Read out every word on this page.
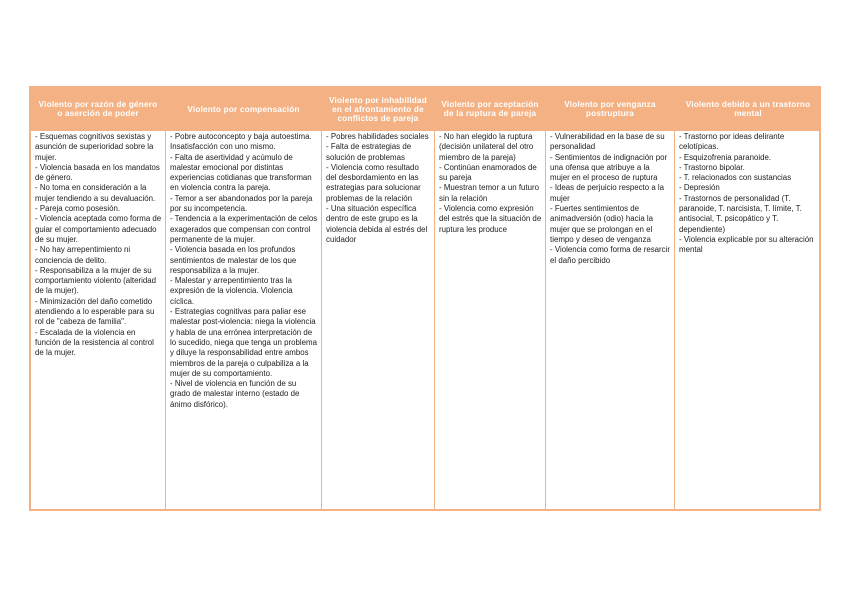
Violento por razón de género o aserción de poder	Violento por compensación
Violento por inhabilidad en el afrontamiento de conflictos de pareja
Violento por aceptación de la ruptura de pareja
Violento por venganza postruptura
Violento debido a un trastorno mental

- Esquemas cognitivos sexistas y asunción de superioridad sobre la mujer.

- Violencia basada en los mandatos de género.

- No toma en consideración a la mujer tendiendo a su devaluación.

- Pareja como posesión.

- Violencia aceptada como forma de guiar el comportamiento adecuado de su mujer.

- No hay arrepentimiento ni conciencia de delito.

- Responsabiliza a la mujer de su comportamiento violento (alteridad de la mujer).

- Minimización del daño cometido atendiendo a lo esperable para su rol de "cabeza de familia".

- Escalada de la violencia en función de la resistencia al control de la mujer.

- Pobre autoconcepto y baja autoestima. Insatisfacción con uno mismo.

- Falta de asertividad y acúmulo de malestar emocional por distintas experiencias cotidianas que transforman en violencia contra la pareja.

- Temor a ser abandonados por la pareja por su incompetencia.

- Tendencia a la experimentación de celos exagerados que compensan con control permanente de la mujer.

- Violencia basada en los profundos sentimientos de malestar de los que responsabiliza a la mujer.

- Malestar y arrepentimiento tras la expresión de la violencia. Violencia cíclica.

- Estrategias cognitivas para paliar ese malestar post-violencia: niega la violencia y habla de una errónea interpretación de lo sucedido, niega que tenga un problema y diluye la responsabilidad entre ambos miembros de la pareja o culpabiliza a la mujer de su comportamiento.

- Nivel de violencia en función de su grado de malestar interno (estado de ánimo disfórico).

- Pobres habilidades sociales

- Falta de estrategias de solución de problemas

- Violencia como resultado del desbordamiento en las estrategias para solucionar problemas de la relación

- Una situación específica dentro de este grupo es la violencia debida al estrés del cuidador

- No han elegido la ruptura (decisión unilateral del otro miembro de la pareja)

- Continúan enamorados de su pareja

- Muestran temor a un futuro sin la relación

- Violencia como expresión del estrés que la situación de ruptura les produce

- Vulnerabilidad en la base de su personalidad

- Sentimientos de indignación por una ofensa que atribuye a la mujer en el proceso de ruptura

- Ideas de perjuicio respecto a la mujer

- Fuertes sentimientos de animadversión (odio) hacia la mujer que se prolongan en el tiempo y deseo de venganza

- Violencia como forma de resarcir el daño percibido

- Trastorno por ideas delirante celotípicas.

- Esquizofrenia paranoide.

- Trastorno bipolar.

- T. relacionados con sustancias

- Depresión

- Trastornos de personalidad (T. paranoide, T. narcisista, T. límite, T. antisocial, T. psicopático y T. dependiente)

- Violencia explicable por su alteración mental
